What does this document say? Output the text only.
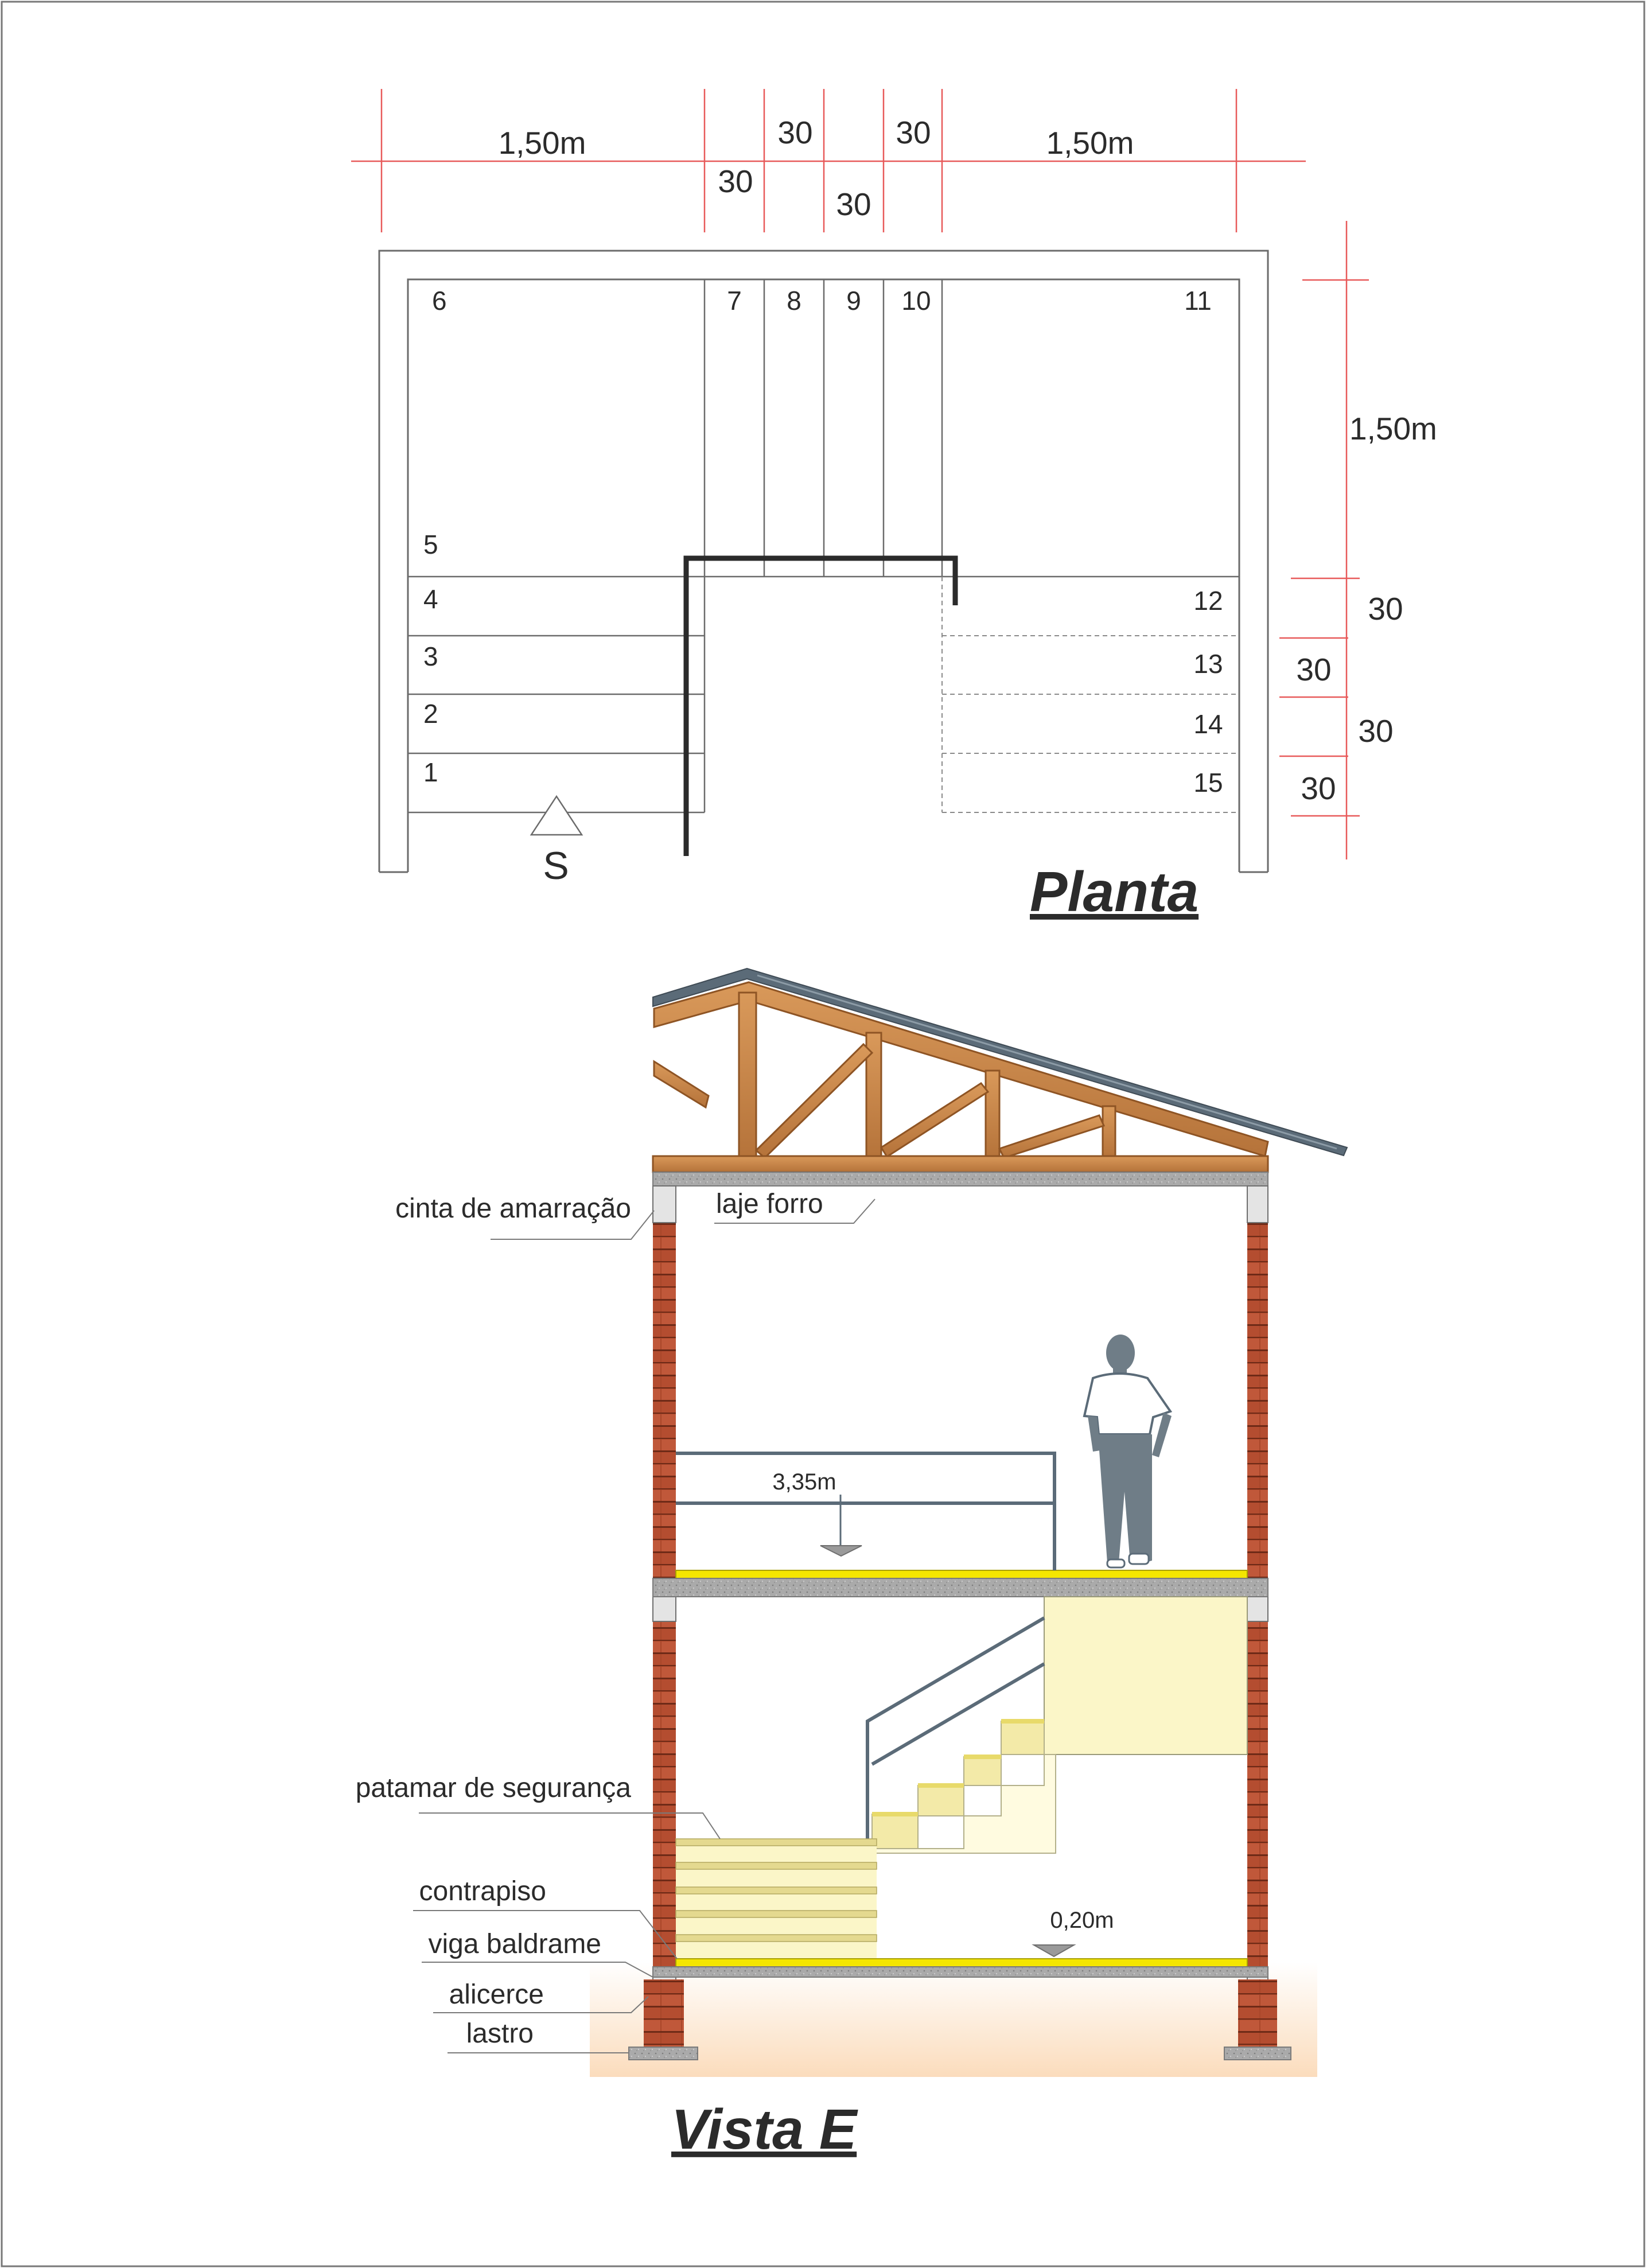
1,50m	1,50m
30
30
30
30
1,50m
30
30
30
30
1
2
3
4
5
6	7 8 9 10	11
12
13
14
15
S	Planta
3,35m
0,20m
cinta de amarração	laje forro
patamar de segurança
contrapiso
viga baldrame
alicerce
lastro
Vista E
